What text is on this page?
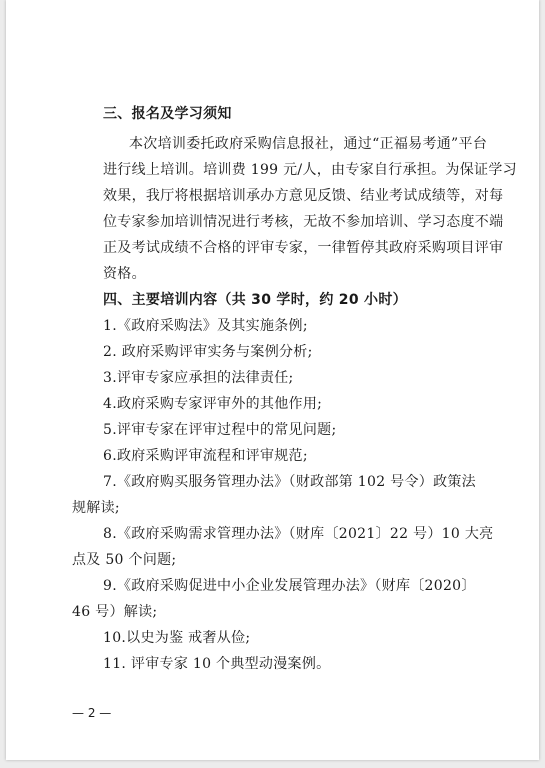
三、报名及学习须知
本次培训委托政府采购信息报社，通过“正福易考通”平台
进行线上培训。培训费 199 元/人，由专家自行承担。为保证学习
效果，我厅将根据培训承办方意见反馈、结业考试成绩等，对每
位专家参加培训情况进行考核，无故不参加培训、学习态度不端
正及考试成绩不合格的评审专家，一律暂停其政府采购项目评审
资格。
四、主要培训内容（共 30 学时，约 20 小时）
1.《政府采购法》及其实施条例;
2. 政府采购评审实务与案例分析;
3.评审专家应承担的法律责任;
4.政府采购专家评审外的其他作用;
5.评审专家在评审过程中的常见问题;
6.政府采购评审流程和评审规范;
7.《政府购买服务管理办法》（财政部第 102 号令）政策法
规解读;
8.《政府采购需求管理办法》（财库〔2021〕22 号）10 大亮
点及 50 个问题;
9.《政府采购促进中小企业发展管理办法》（财库〔2020〕
46 号）解读;
10.以史为鉴 戒奢从俭;
11. 评审专家 10 个典型动漫案例。
— 2 —
